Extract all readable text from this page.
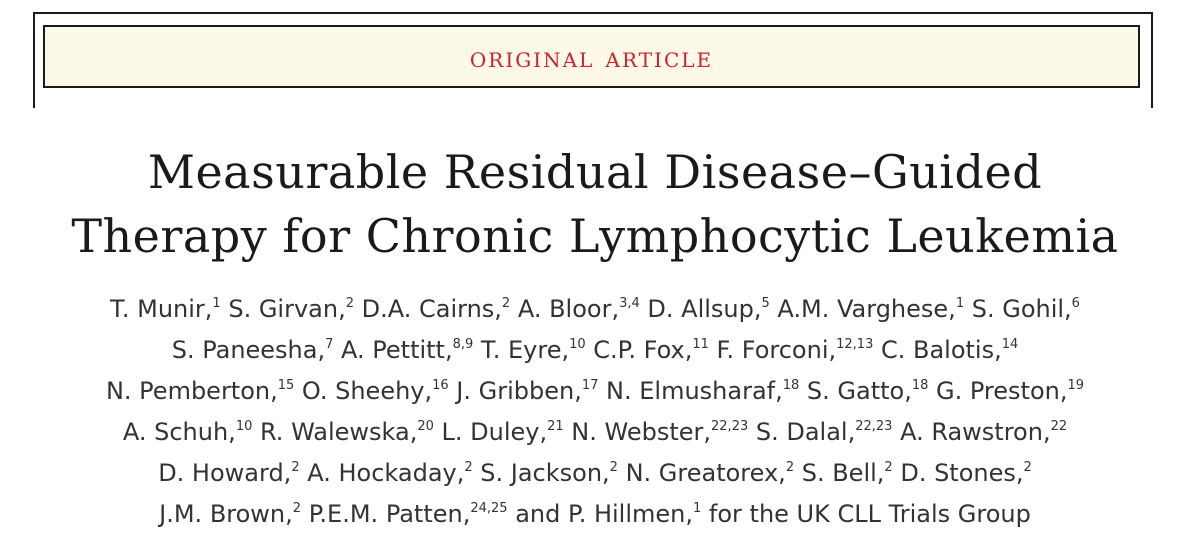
original article
Measurable Residual Disease–Guided
Therapy for Chronic Lymphocytic Leukemia
T. Munir,$^1$ S. Girvan,$^2$ D.A. Cairns,$^2$ A. Bloor,$^{3,4}$ D. Allsup,$^5$ A.M. Varghese,$^1$ S. Gohil,$^6$
S. Paneesha,$^7$ A. Pettitt,$^{8,9}$ T. Eyre,$^{10}$ C.P. Fox,$^{11}$ F. Forconi,$^{12,13}$ C. Balotis,$^{14}$
N. Pemberton,$^{15}$ O. Sheehy,$^{16}$ J. Gribben,$^{17}$ N. Elmusharaf,$^{18}$ S. Gatto,$^{18}$ G. Preston,$^{19}$
A. Schuh,$^{10}$ R. Walewska,$^{20}$ L. Duley,$^{21}$ N. Webster,$^{22,23}$ S. Dalal,$^{22,23}$ A. Rawstron,$^{22}$
D. Howard,$^2$ A. Hockaday,$^2$ S. Jackson,$^2$ N. Greatorex,$^2$ S. Bell,$^2$ D. Stones,$^2$
J.M. Brown,$^2$ P.E.M. Patten,$^{24,25}$ and P. Hillmen,$^1$ for the UK CLL Trials Group
